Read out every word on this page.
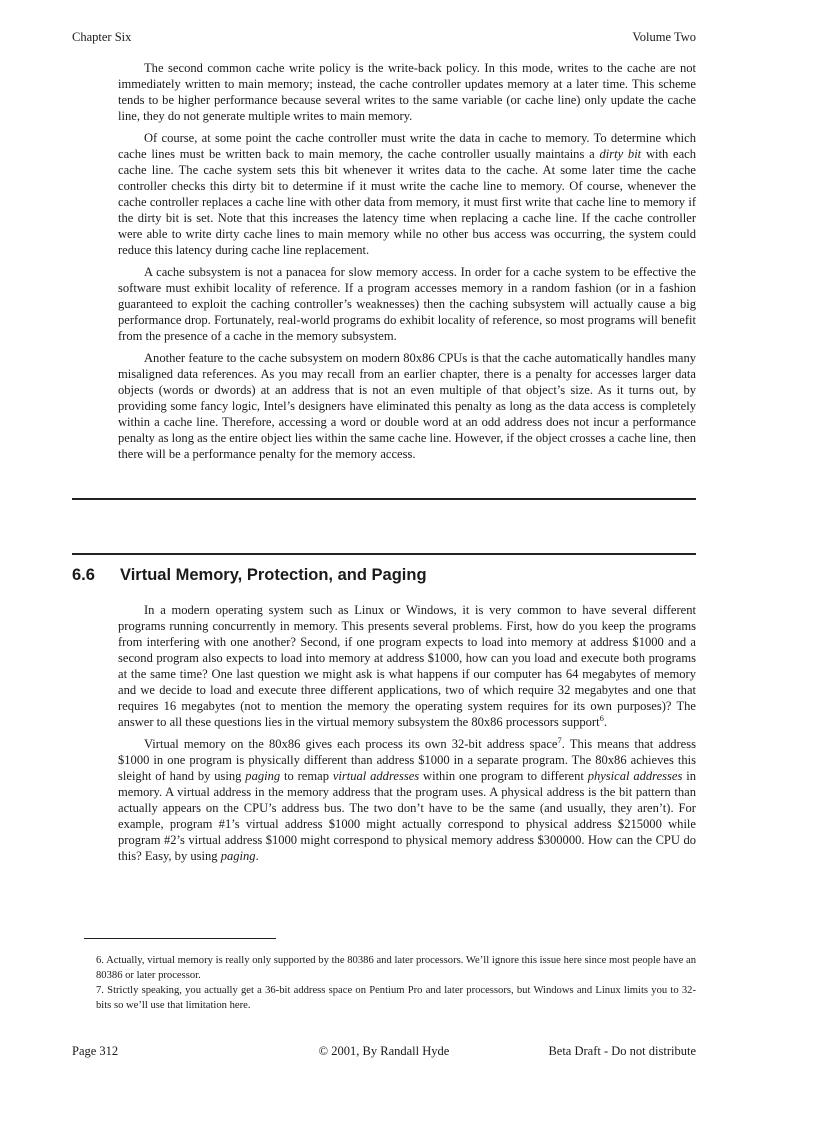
Chapter Six	Volume Two

The second common cache write policy is the write-back policy. In this mode, writes to the cache are not immediately written to main memory; instead, the cache controller updates memory at a later time. This scheme tends to be higher performance because several writes to the same variable (or cache line) only update the cache line, they do not generate multiple writes to main memory.

Of course, at some point the cache controller must write the data in cache to memory. To determine which cache lines must be written back to main memory, the cache controller usually maintains a dirty bit with each cache line. The cache system sets this bit whenever it writes data to the cache. At some later time the cache controller checks this dirty bit to determine if it must write the cache line to memory. Of course, whenever the cache controller replaces a cache line with other data from memory, it must first write that cache line to memory if the dirty bit is set. Note that this increases the latency time when replacing a cache line. If the cache controller were able to write dirty cache lines to main memory while no other bus access was occurring, the system could reduce this latency during cache line replacement.

A cache subsystem is not a panacea for slow memory access. In order for a cache system to be effective the software must exhibit locality of reference. If a program accesses memory in a random fashion (or in a fashion guaranteed to exploit the caching controller’s weaknesses) then the caching subsystem will actually cause a big performance drop. Fortunately, real-world programs do exhibit locality of reference, so most programs will benefit from the presence of a cache in the memory subsystem.

Another feature to the cache subsystem on modern 80x86 CPUs is that the cache automatically handles many misaligned data references. As you may recall from an earlier chapter, there is a penalty for accesses larger data objects (words or dwords) at an address that is not an even multiple of that object’s size. As it turns out, by providing some fancy logic, Intel’s designers have eliminated this penalty as long as the data access is completely within a cache line. Therefore, accessing a word or double word at an odd address does not incur a performance penalty as long as the entire object lies within the same cache line. However, if the object crosses a cache line, then there will be a performance penalty for the memory access.

6.6 Virtual Memory, Protection, and Paging

In a modern operating system such as Linux or Windows, it is very common to have several different programs running concurrently in memory. This presents several problems. First, how do you keep the programs from interfering with one another? Second, if one program expects to load into memory at address $1000 and a second program also expects to load into memory at address $1000, how can you load and execute both programs at the same time? One last question we might ask is what happens if our computer has 64 megabytes of memory and we decide to load and execute three different applications, two of which require 32 megabytes and one that requires 16 megabytes (not to mention the memory the operating system requires for its own purposes)? The answer to all these questions lies in the virtual memory subsystem the 80x86 processors support$^6$.

Virtual memory on the 80x86 gives each process its own 32-bit address space$^7$. This means that address $1000 in one program is physically different than address $1000 in a separate program. The 80x86 achieves this sleight of hand by using paging to remap virtual addresses within one program to different physical addresses in memory. A virtual address in the memory address that the program uses. A physical address is the bit pattern than actually appears on the CPU’s address bus. The two don’t have to be the same (and usually, they aren’t). For example, program #1’s virtual address $1000 might actually correspond to physical address $215000 while program #2’s virtual address $1000 might correspond to physical memory address $300000. How can the CPU do this? Easy, by using paging.

6. Actually, virtual memory is really only supported by the 80386 and later processors. We’ll ignore this issue here since most people have an 80386 or later processor.

7. Strictly speaking, you actually get a 36-bit address space on Pentium Pro and later processors, but Windows and Linux limits you to 32-bits so we’ll use that limitation here.

© 2001, By Randall Hyde
Page 312	Beta Draft - Do not distribute
